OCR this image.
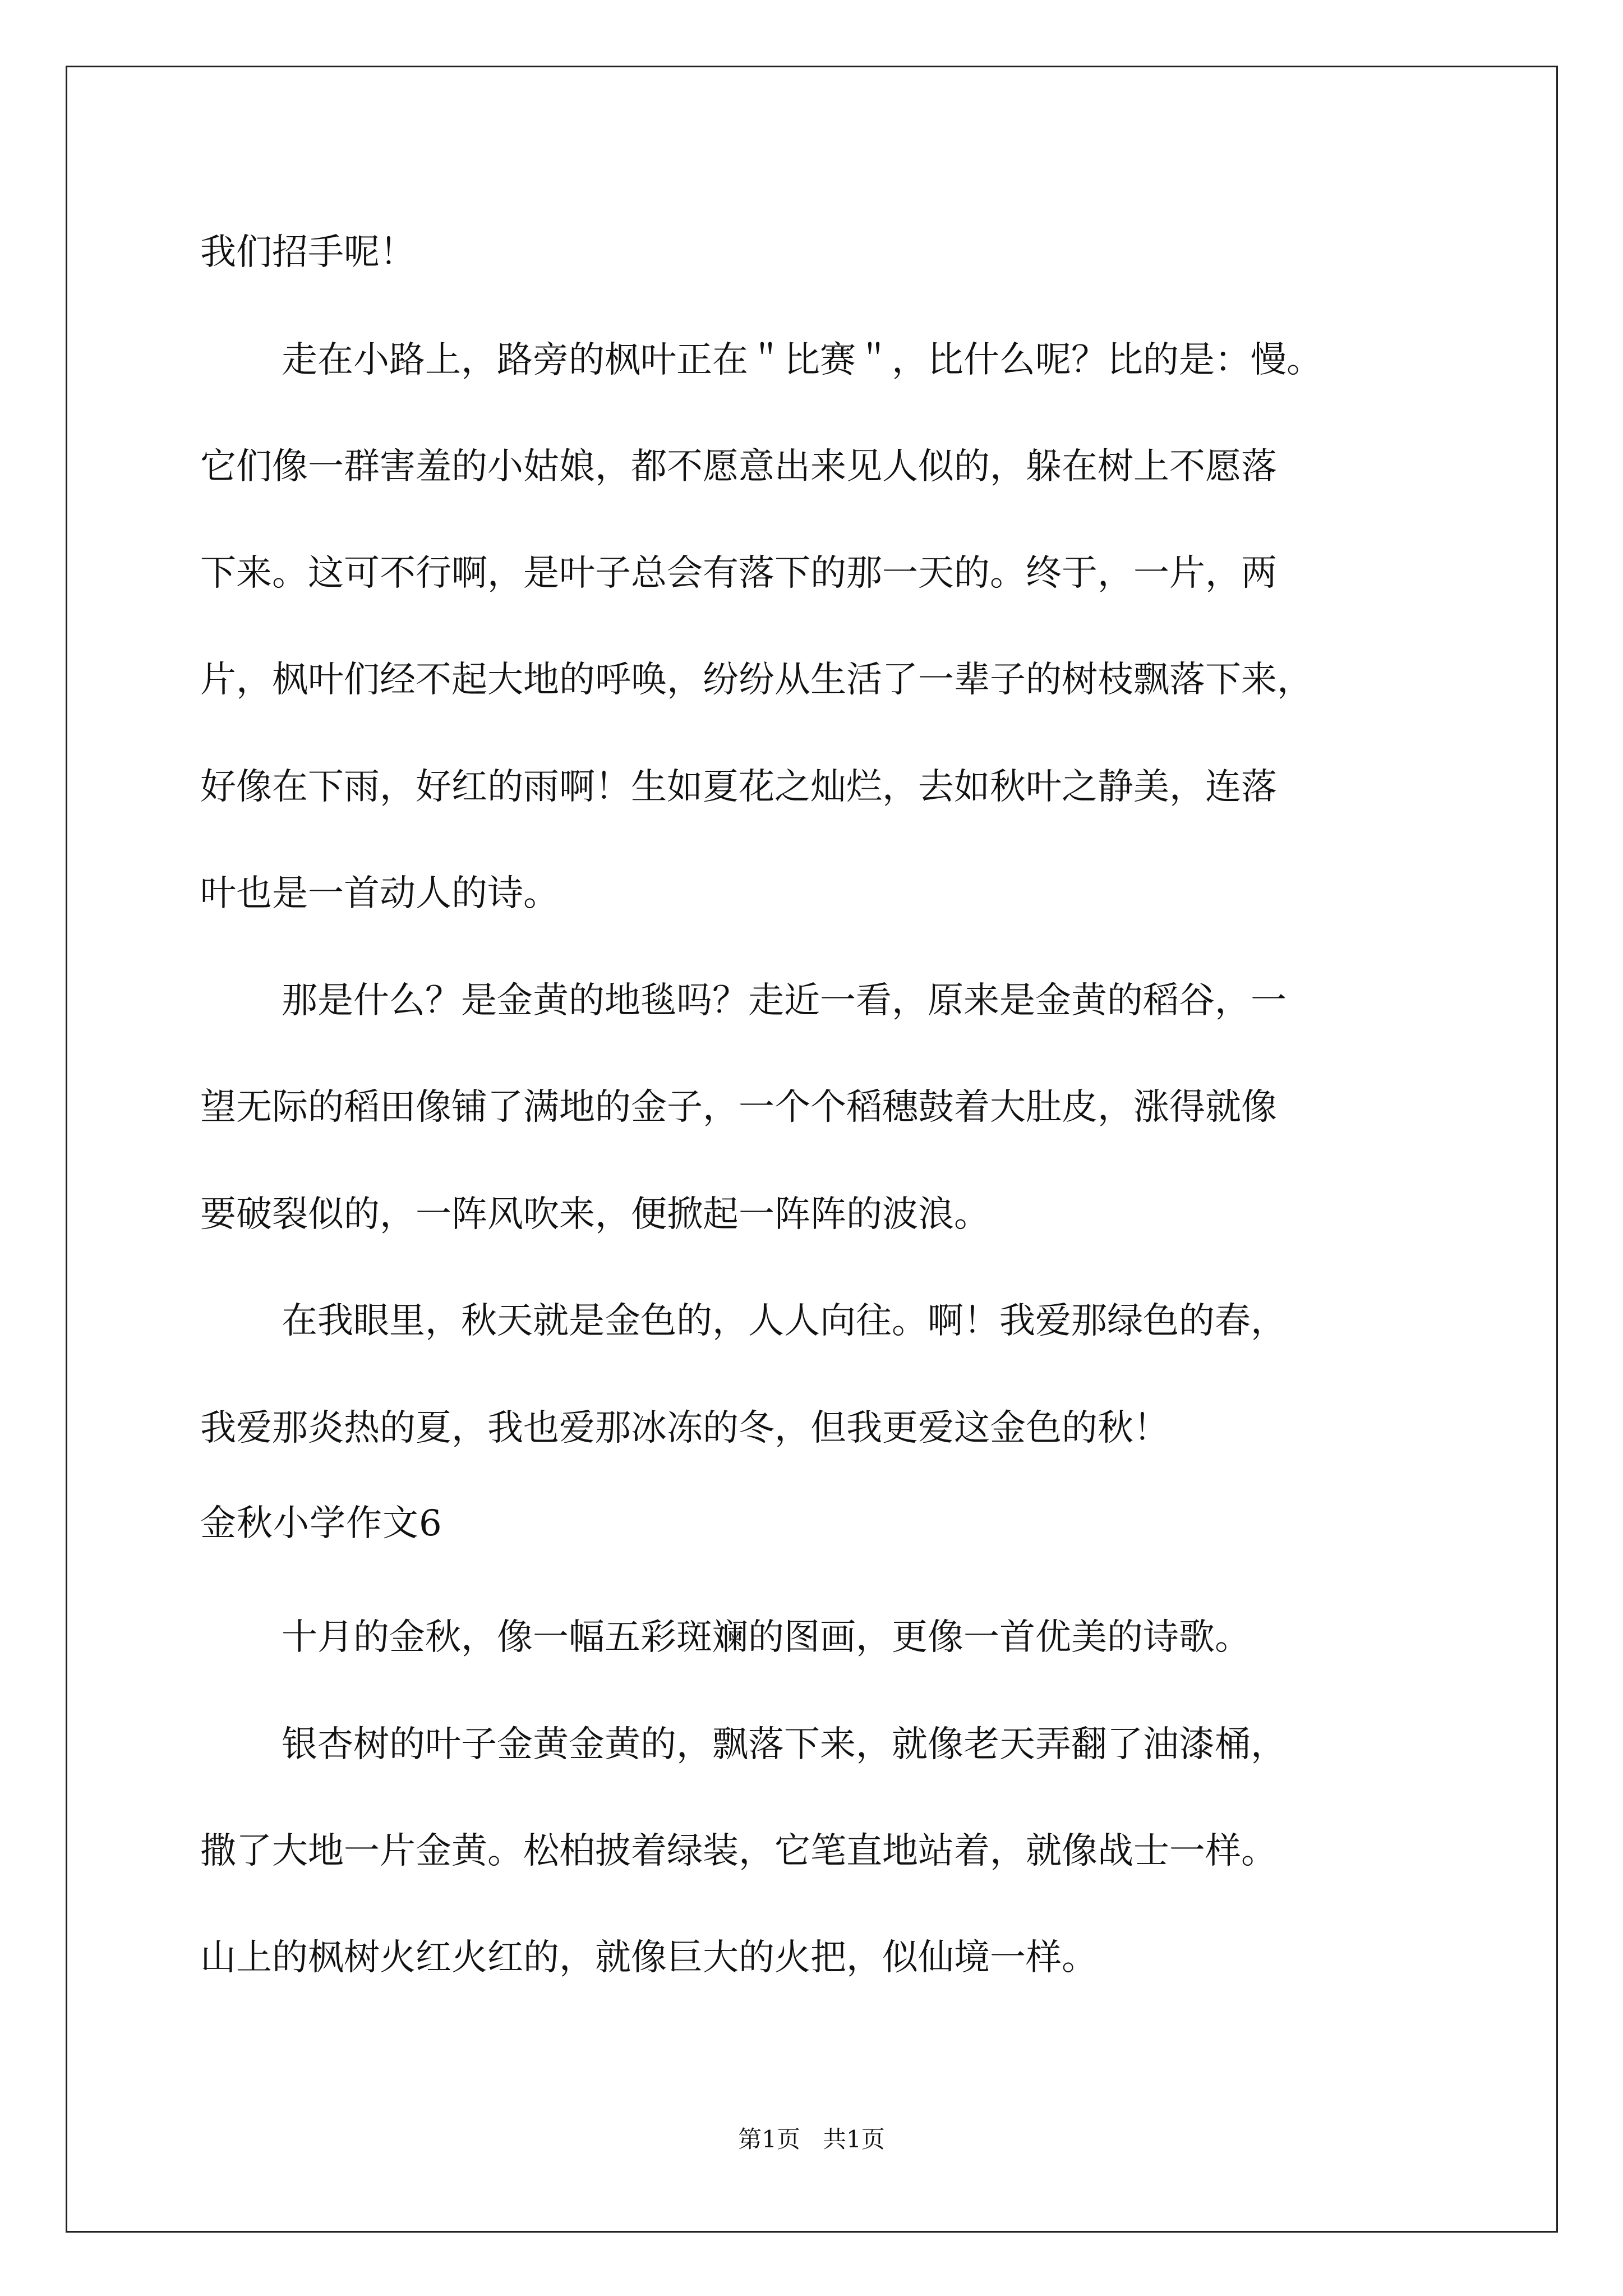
我们招手呢！
走在小路上，路旁的枫叶正在＂比赛＂，比什么呢？比的是：慢。
它们像一群害羞的小姑娘，都不愿意出来见人似的，躲在树上不愿落
下来。这可不行啊，是叶子总会有落下的那一天的。终于，一片，两
片，枫叶们经不起大地的呼唤，纷纷从生活了一辈子的树枝飘落下来，
好像在下雨，好红的雨啊！生如夏花之灿烂，去如秋叶之静美，连落
叶也是一首动人的诗。
那是什么？是金黄的地毯吗？走近一看，原来是金黄的稻谷，一
望无际的稻田像铺了满地的金子，一个个稻穗鼓着大肚皮，涨得就像
要破裂似的，一阵风吹来，便掀起一阵阵的波浪。
在我眼里，秋天就是金色的，人人向往。啊！我爱那绿色的春，
我爱那炎热的夏，我也爱那冰冻的冬，但我更爱这金色的秋！
金秋小学作文6
十月的金秋，像一幅五彩斑斓的图画，更像一首优美的诗歌。
银杏树的叶子金黄金黄的，飘落下来，就像老天弄翻了油漆桶，
撒了大地一片金黄。松柏披着绿装，它笔直地站着，就像战士一样。
山上的枫树火红火红的，就像巨大的火把，似仙境一样。
第1页   共1页
